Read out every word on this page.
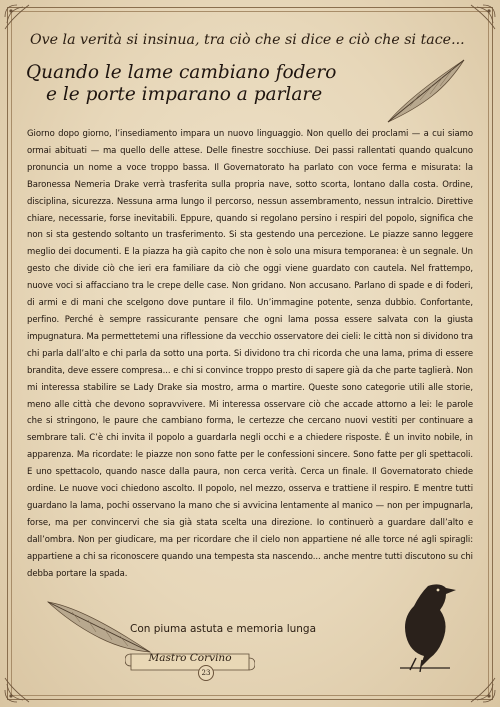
Ove la verità si insinua, tra ciò che si dice e ciò che si tace...
Quando le lame cambiano fodero
e le porte imparano a parlare
Giorno dopo giorno, l’insediamento impara un nuovo linguaggio. Non quello dei proclami — a cui siamo ormai abituati — ma quello delle attese. Delle finestre socchiuse. Dei passi rallentati quando qualcuno pronuncia un nome a voce troppo bassa. Il Governatorato ha parlato con voce ferma e misurata: la Baronessa Nemeria Drake verrà trasferita sulla propria nave, sotto scorta, lontano dalla costa. Ordine, disciplina, sicurezza. Nessuna arma lungo il percorso, nessun assembramento, nessun intralcio. Direttive chiare, necessarie, forse inevitabili. Eppure, quando si regolano persino i respiri del popolo, significa che non si sta gestendo soltanto un trasferimento. Si sta gestendo una percezione. Le piazze sanno leggere meglio dei documenti. E la piazza ha già capito che non è solo una misura temporanea: è un segnale. Un gesto che divide ciò che ieri era familiare da ciò che oggi viene guardato con cautela. Nel frattempo, nuove voci si affacciano tra le crepe delle case. Non gridano. Non accusano. Parlano di spade e di foderi, di armi e di mani che scelgono dove puntare il filo. Un’immagine potente, senza dubbio. Confortante, perfino. Perché è sempre rassicurante pensare che ogni lama possa essere salvata con la giusta impugnatura. Ma permettetemi una riflessione da vecchio osservatore dei cieli: le città non si dividono tra chi parla dall’alto e chi parla da sotto una porta. Si dividono tra chi ricorda che una lama, prima di essere brandita, deve essere compresa... e chi si convince troppo presto di sapere già da che parte taglierà. Non mi interessa stabilire se Lady Drake sia mostro, arma o martire. Queste sono categorie utili alle storie, meno alle città che devono sopravvivere. Mi interessa osservare ciò che accade attorno a lei: le parole che si stringono, le paure che cambiano forma, le certezze che cercano nuovi vestiti per continuare a sembrare tali. C’è chi invita il popolo a guardarla negli occhi e a chiedere risposte. È un invito nobile, in apparenza. Ma ricordate: le piazze non sono fatte per le confessioni sincere. Sono fatte per gli spettacoli. E uno spettacolo, quando nasce dalla paura, non cerca verità. Cerca un finale. Il Governatorato chiede ordine. Le nuove voci chiedono ascolto. Il popolo, nel mezzo, osserva e trattiene il respiro. E mentre tutti guardano la lama, pochi osservano la mano che si avvicina lentamente al manico — non per impugnarla, forse, ma per convincervi che sia già stata scelta una direzione. Io continuerò a guardare dall’alto e dall’ombra. Non per giudicare, ma per ricordare che il cielo non appartiene né alle torce né agli spiragli: appartiene a chi sa riconoscere quando una tempesta sta nascendo... anche mentre tutti discutono su chi debba portare la spada.
Con piuma astuta e memoria lunga
Mastro Corvino
23
